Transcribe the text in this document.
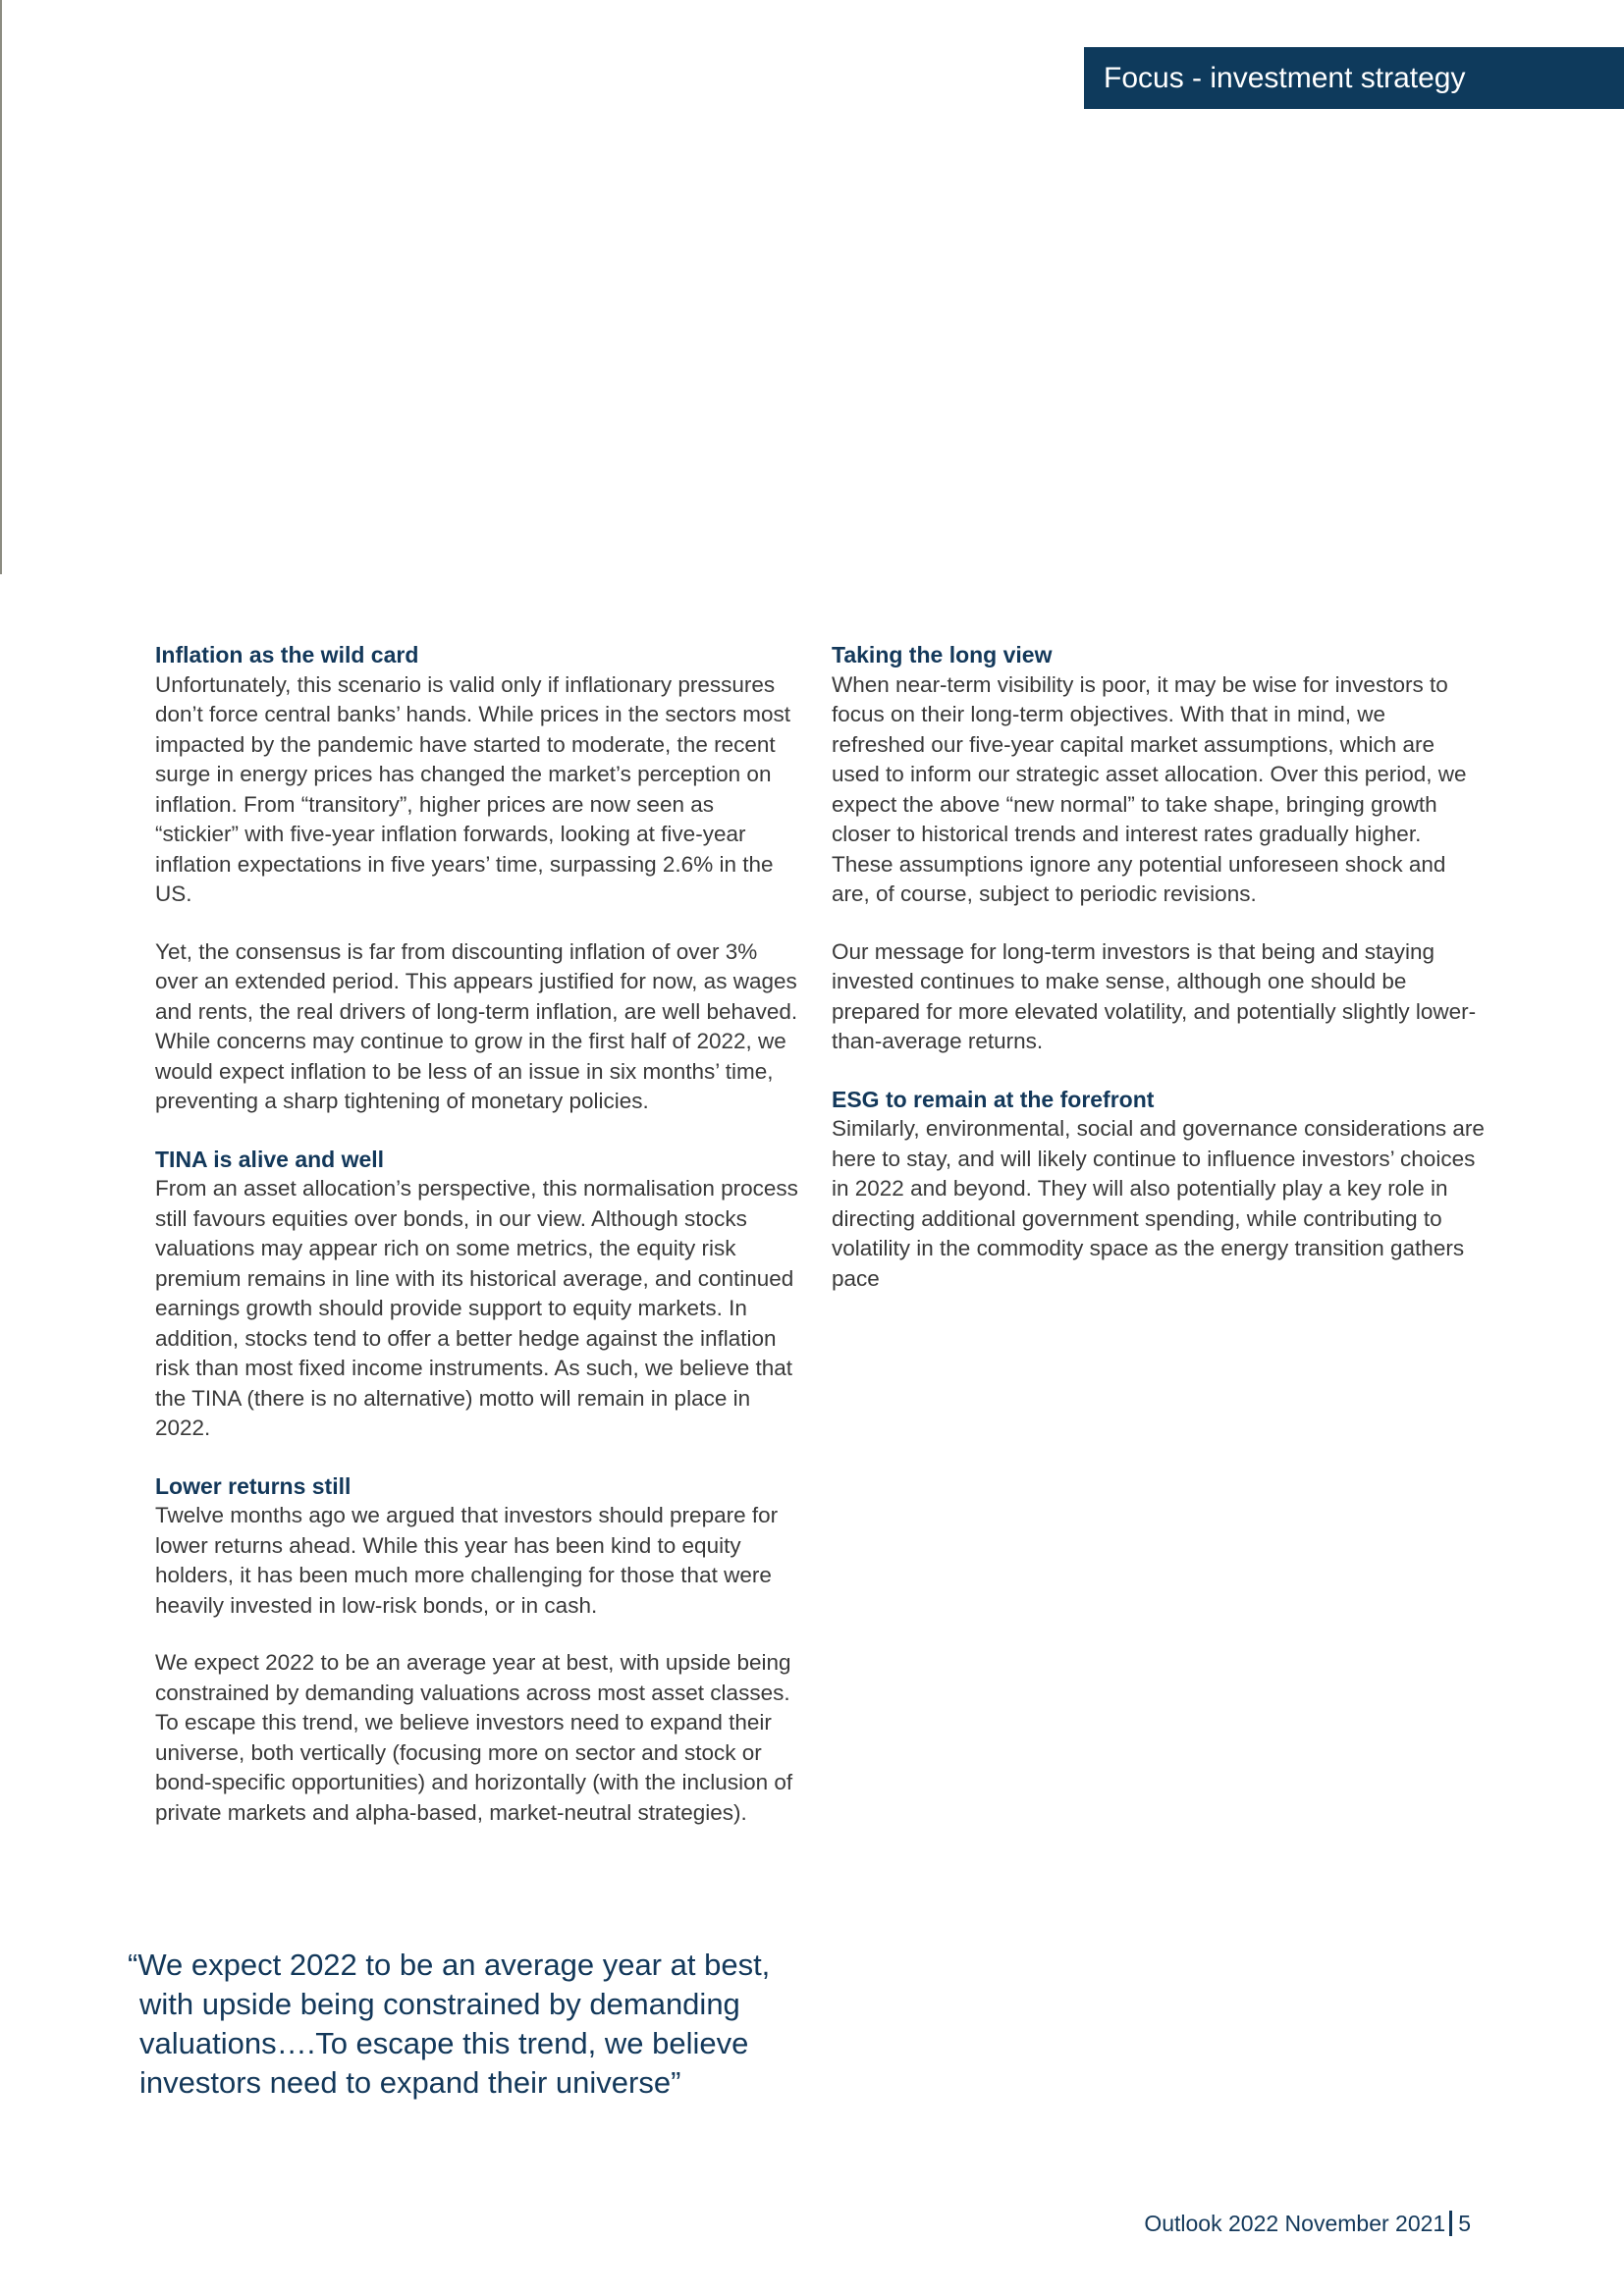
Focus - investment strategy
Inflation as the wild card

Unfortunately, this scenario is valid only if inflationary pressures don’t force central banks’ hands. While prices in the sectors most impacted by the pandemic have started to moderate, the recent surge in energy prices has changed the market’s perception on inflation. From “transitory”, higher prices are now seen as “stickier” with five-year inflation forwards, looking at five-year inflation expectations in five years’ time, surpassing 2.6% in the US.

Yet, the consensus is far from discounting inflation of over 3% over an extended period. This appears justified for now, as wages and rents, the real drivers of long-term inflation, are well behaved. While concerns may continue to grow in the first half of 2022, we would expect inflation to be less of an issue in six months’ time, preventing a sharp tightening of monetary policies.

TINA is alive and well

From an asset allocation’s perspective, this normalisation process still favours equities over bonds, in our view. Although stocks valuations may appear rich on some metrics, the equity risk premium remains in line with its historical average, and continued earnings growth should provide support to equity markets. In addition, stocks tend to offer a better hedge against the inflation risk than most fixed income instruments. As such, we believe that the TINA (there is no alternative) motto will remain in place in 2022.

Lower returns still

Twelve months ago we argued that investors should prepare for lower returns ahead. While this year has been kind to equity holders, it has been much more challenging for those that were heavily invested in low-risk bonds, or in cash.

We expect 2022 to be an average year at best, with upside being constrained by demanding valuations across most asset classes. To escape this trend, we believe investors need to expand their universe, both vertically (focusing more on sector and stock or bond-specific opportunities) and horizontally (with the inclusion of private markets and alpha-based, market-neutral strategies).

Taking the long view

When near-term visibility is poor, it may be wise for investors to focus on their long-term objectives. With that in mind, we refreshed our five-year capital market assumptions, which are used to inform our strategic asset allocation. Over this period, we expect the above “new normal” to take shape, bringing growth closer to historical trends and interest rates gradually higher. These assumptions ignore any potential unforeseen shock and are, of course, subject to periodic revisions.

Our message for long-term investors is that being and staying invested continues to make sense, although one should be prepared for more elevated volatility, and potentially slightly lower-than-average returns.

ESG to remain at the forefront

Similarly, environmental, social and governance considerations are here to stay, and will likely continue to influence investors’ choices in 2022 and beyond. They will also potentially play a key role in directing additional government spending, while contributing to volatility in the commodity space as the energy transition gathers pace

“We expect 2022 to be an average year at best, with upside being constrained by demanding valuations….To escape this trend, we believe investors need to expand their universe”

Outlook 2022 November 2021 5
